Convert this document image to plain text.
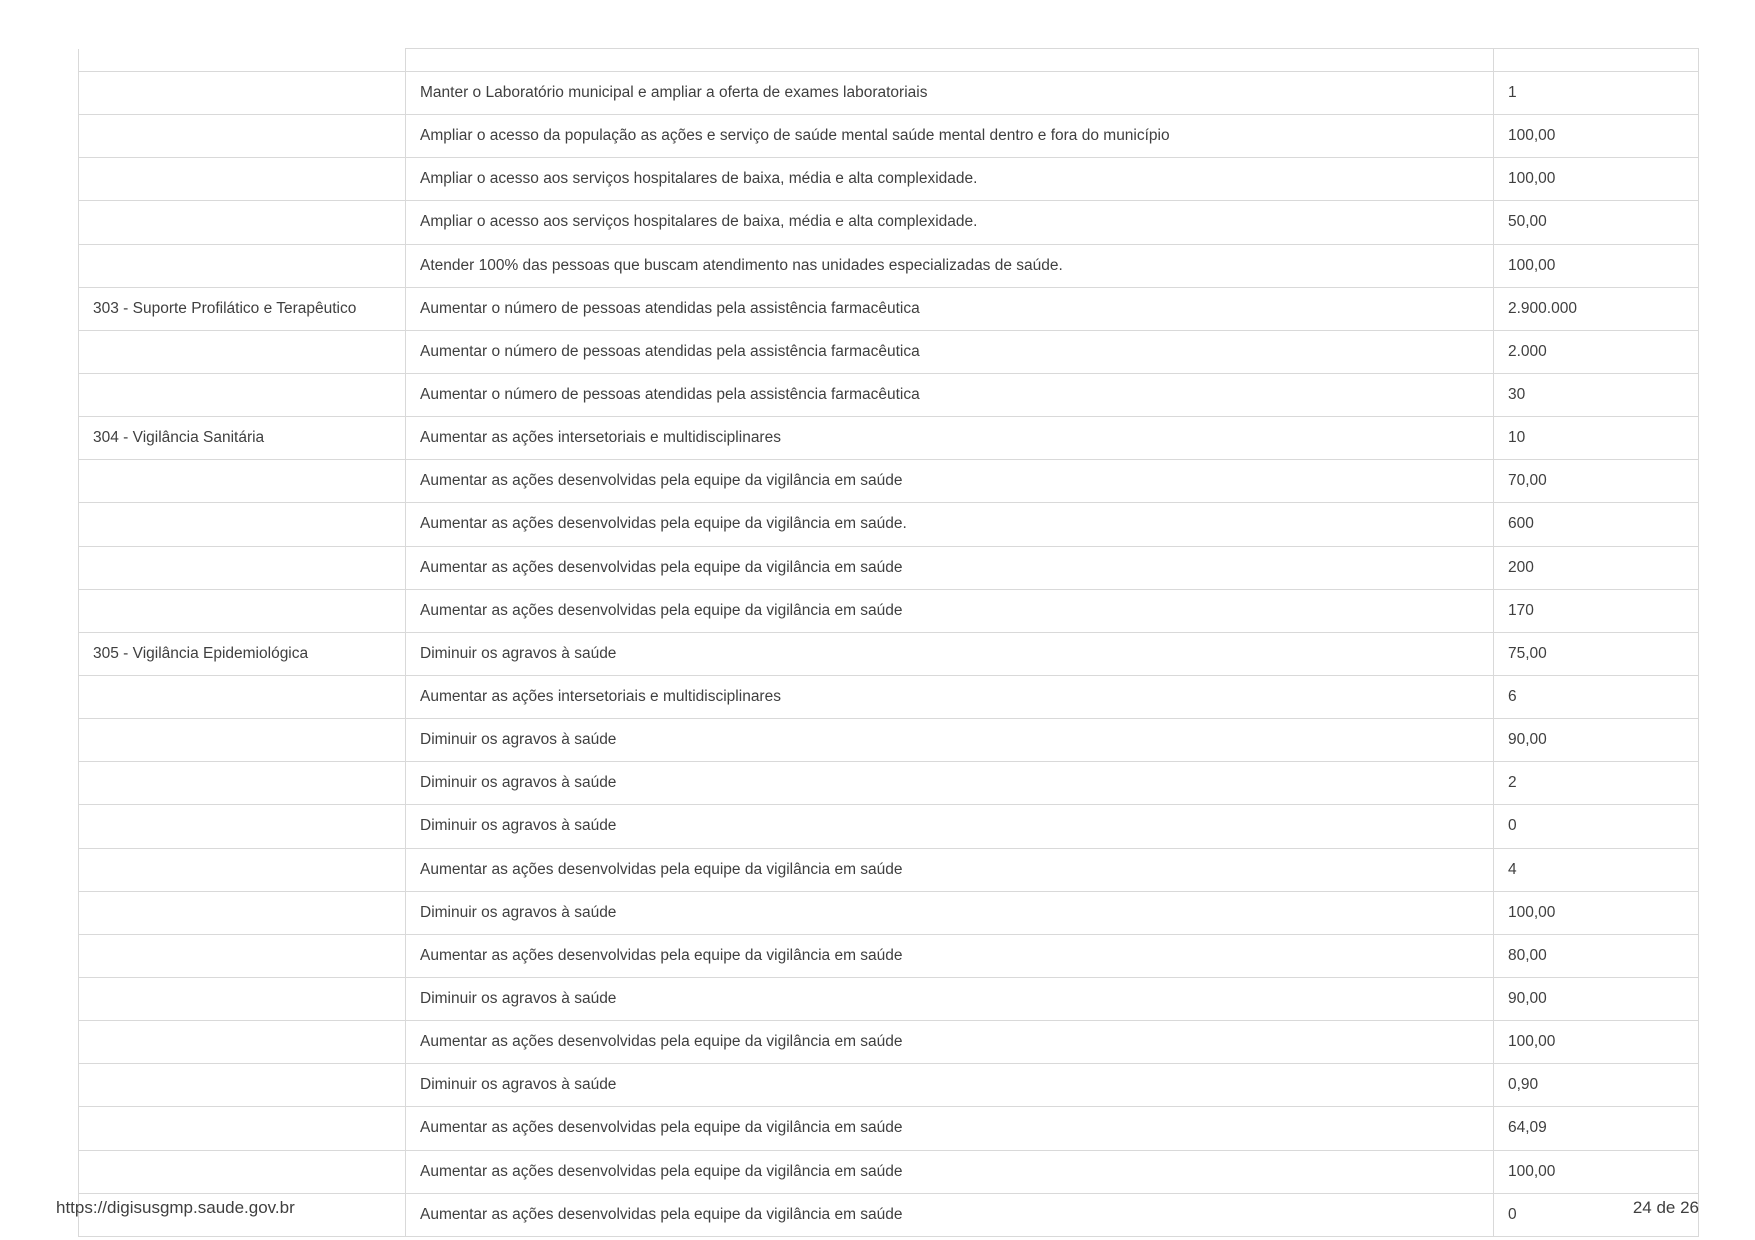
	Manter o Laboratório municipal e ampliar a oferta de exames laboratoriais	1
	Ampliar o acesso da população as ações e serviço de saúde mental saúde mental dentro e fora do município	100,00
	Ampliar o acesso aos serviços hospitalares de baixa, média e alta complexidade.	100,00
	Ampliar o acesso aos serviços hospitalares de baixa, média e alta complexidade.	50,00
	Atender 100% das pessoas que buscam atendimento nas unidades especializadas de saúde.	100,00
303 - Suporte Profilático e Terapêutico	Aumentar o número de pessoas atendidas pela assistência farmacêutica	2.900.000
	Aumentar o número de pessoas atendidas pela assistência farmacêutica	2.000
	Aumentar o número de pessoas atendidas pela assistência farmacêutica	30
304 - Vigilância Sanitária	Aumentar as ações intersetoriais e multidisciplinares	10
	Aumentar as ações desenvolvidas pela equipe da vigilância em saúde	70,00
	Aumentar as ações desenvolvidas pela equipe da vigilância em saúde.	600
	Aumentar as ações desenvolvidas pela equipe da vigilância em saúde	200
	Aumentar as ações desenvolvidas pela equipe da vigilância em saúde	170
305 - Vigilância Epidemiológica	Diminuir os agravos à saúde	75,00
	Aumentar as ações intersetoriais e multidisciplinares	6
	Diminuir os agravos à saúde	90,00
	Diminuir os agravos à saúde	2
	Diminuir os agravos à saúde	0
	Aumentar as ações desenvolvidas pela equipe da vigilância em saúde	4
	Diminuir os agravos à saúde	100,00
	Aumentar as ações desenvolvidas pela equipe da vigilância em saúde	80,00
	Diminuir os agravos à saúde	90,00
	Aumentar as ações desenvolvidas pela equipe da vigilância em saúde	100,00
	Diminuir os agravos à saúde	0,90
	Aumentar as ações desenvolvidas pela equipe da vigilância em saúde	64,09
	Aumentar as ações desenvolvidas pela equipe da vigilância em saúde	100,00
	Aumentar as ações desenvolvidas pela equipe da vigilância em saúde	0
https://digisusgmp.saude.gov.br	24 de 26
